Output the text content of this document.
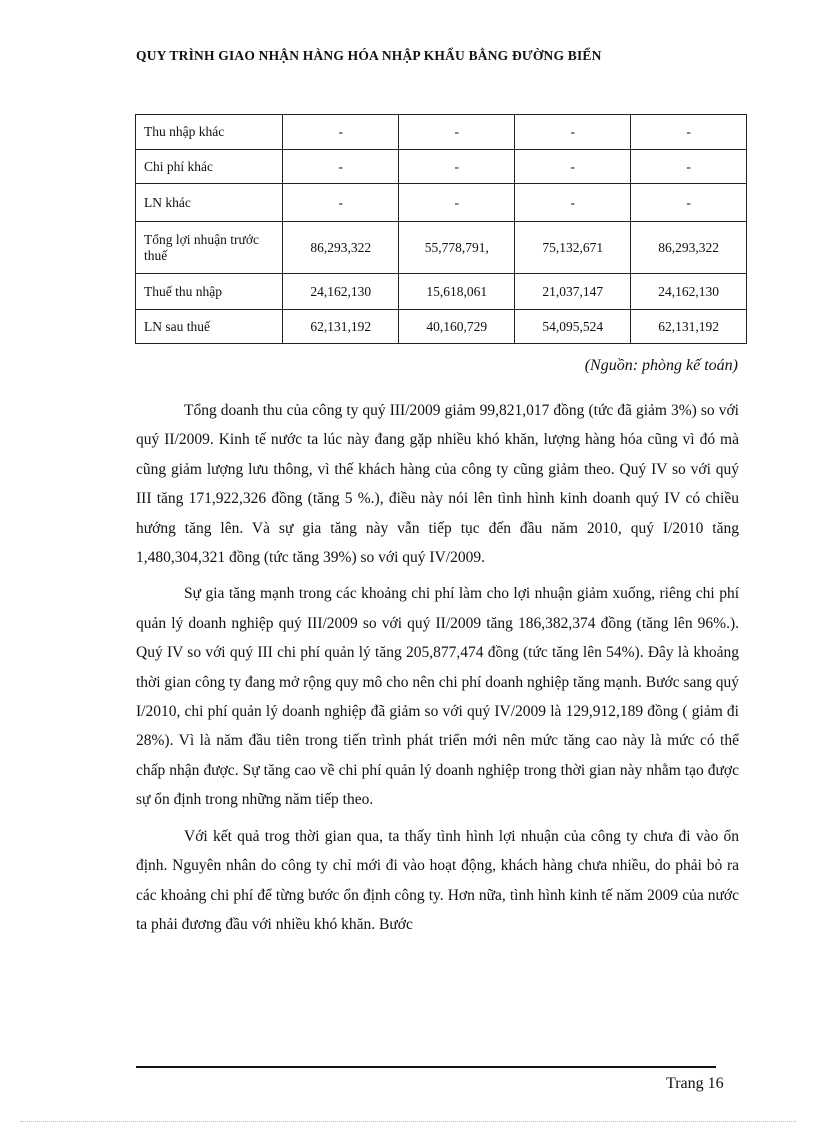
QUY TRÌNH GIAO NHẬN HÀNG HÓA NHẬP KHẨU BẰNG ĐƯỜNG BIỂN
Thu nhập khác	-	-	-	-
Chi phí khác	-	-	-	-
LN khác	-	-	-	-
Tổng lợi nhuận trước thuế	86,293,322	55,778,791,	75,132,671	86,293,322
Thuế thu nhập	24,162,130	15,618,061	21,037,147	24,162,130
LN sau thuế	62,131,192	40,160,729	54,095,524	62,131,192
(Nguồn: phòng kế toán)

Tổng doanh thu của công ty quý III/2009 giảm 99,821,017 đồng (tức đã giảm 3%) so với quý II/2009. Kinh tế nước ta lúc này đang gặp nhiều khó khăn, lượng hàng hóa cũng vì đó mà cũng giảm lượng lưu thông, vì thế khách hàng của công ty cũng giảm theo. Quý IV so với quý III tăng 171,922,326 đồng (tăng 5 %.), điều này nói lên tình hình kinh doanh quý IV có chiều hướng tăng lên. Và sự gia tăng này vẫn tiếp tục đến đầu năm 2010, quý I/2010 tăng 1,480,304,321 đồng (tức tăng 39%) so với quý IV/2009.

Sự gia tăng mạnh trong các khoảng chi phí làm cho lợi nhuận giảm xuống, riêng chi phí quản lý doanh nghiệp quý III/2009 so với quý II/2009 tăng 186,382,374 đồng (tăng lên 96%.). Quý IV so với quý III chi phí quản lý tăng 205,877,474 đồng (tức tăng lên 54%). Đây là khoảng thời gian công ty đang mở rộng quy mô cho nên chi phí doanh nghiệp tăng mạnh. Bước sang quý I/2010, chi phí quản lý doanh nghiệp đã giảm so với quý IV/2009 là 129,912,189 đồng ( giảm đi 28%). Vì là năm đầu tiên trong tiến trình phát triển mới nên mức tăng cao này là mức có thể chấp nhận được. Sự tăng cao về chi phí quản lý doanh nghiệp trong thời gian này nhằm tạo được sự ổn định trong những năm tiếp theo.

Với kết quả trog thời gian qua, ta thấy tình hình lợi nhuận của công ty chưa đi vào ổn định. Nguyên nhân do công ty chỉ mới đi vào hoạt động, khách hàng chưa nhiều, do phải bỏ ra các khoảng chi phí để từng bước ổn định công ty. Hơn nữa, tình hình kinh tế năm 2009 của nước ta phải đương đầu với nhiều khó khăn. Bước

Trang 16
